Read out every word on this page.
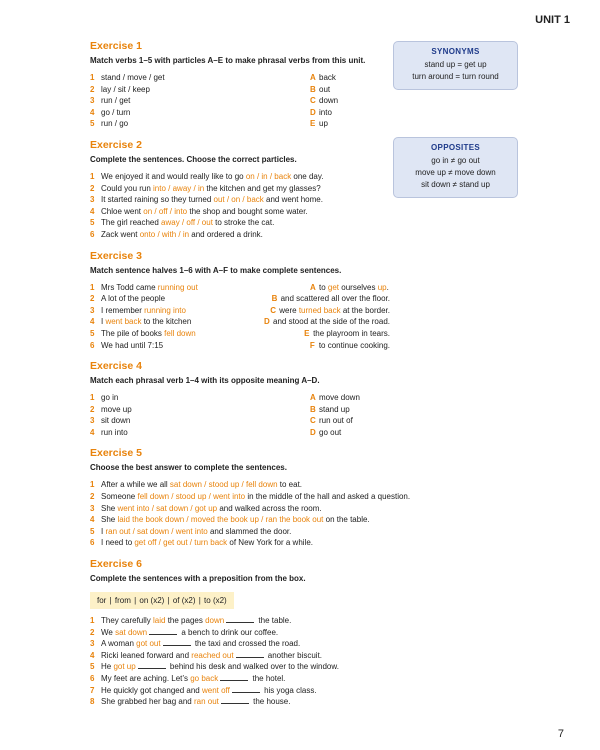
UNIT 1
7
SYNONYMS
stand up = get up
turn around = turn round
OPPOSITES
go in ≠ go out
move up ≠ move down
sit down ≠ stand up
Exercise 1
Match verbs 1–5 with particles A–E to make phrasal verbs from this unit.
1 stand / move / get	A back
2 lay / sit / keep	B out
3 run / get	C down
4 go / turn	D into
5 run / go	E up
Exercise 2
Complete the sentences. Choose the correct particles.
1 We enjoyed it and would really like to go on / in / back one day.
2 Could you run into / away / in the kitchen and get my glasses?
3 It started raining so they turned out / on / back and went home.
4 Chloe went on / off / into the shop and bought some water.
5 The girl reached away / off / out to stroke the cat.
6 Zack went onto / with / in and ordered a drink.
Exercise 3
Match sentence halves 1–6 with A–F to make complete sentences.
1 Mrs Todd came running out	A to get ourselves up.
2 A lot of the people	B and scattered all over the floor.
3 I remember running into	C were turned back at the border.
4 I went back to the kitchen	D and stood at the side of the road.
5 The pile of books fell down	E the playroom in tears.
6 We had until 7:15	F to continue cooking.
Exercise 4
Match each phrasal verb 1–4 with its opposite meaning A–D.
1 go in	A move down
2 move up	B stand up
3 sit down	C run out of
4 run into	D go out
Exercise 5
Choose the best answer to complete the sentences.
1 After a while we all sat down / stood up / fell down to eat.
2 Someone fell down / stood up / went into in the middle of the hall and asked a question.
3 She went into / sat down / got up and walked across the room.
4 She laid the book down / moved the book up / ran the book out on the table.
5 I ran out / sat down / went into and slammed the door.
6 I need to get off / get out / turn back of New York for a while.
Exercise 6
Complete the sentences with a preposition from the box.
for | from | on (x2) | of (x2) | to (x2)
1 They carefully laid the pages down	the table.
2 We sat down	a bench to drink our coffee.
3 A woman got out	the taxi and crossed the road.
4 Ricki leaned forward and reached out	another biscuit.
5 He got up	behind his desk and walked over to the window.
6 My feet are aching. Let’s go back	the hotel.
7 He quickly got changed and went off	his yoga class.
8 She grabbed her bag and ran out	the house.
